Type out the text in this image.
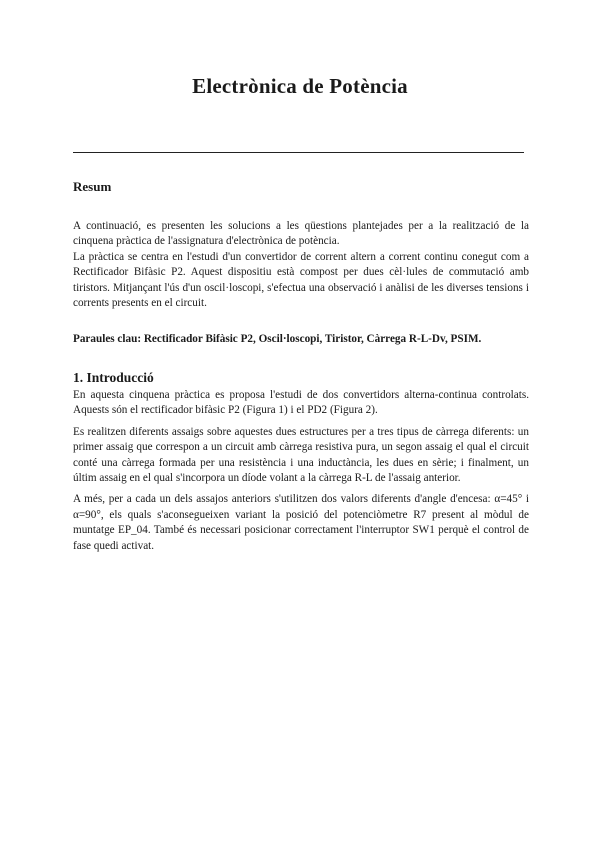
Electrònica de Potència
Resum

A continuació, es presenten les solucions a les qüestions plantejades per a la realització de la cinquena pràctica de l'assignatura d'electrònica de potència.

La pràctica se centra en l'estudi d'un convertidor de corrent altern a corrent continu conegut com a Rectificador Bifàsic P2. Aquest dispositiu està compost per dues cèl·lules de commutació amb tiristors. Mitjançant l'ús d'un oscil·loscopi, s'efectua una observació i anàlisi de les diverses tensions i corrents presents en el circuit.

Paraules clau: Rectificador Bifàsic P2, Oscil·loscopi, Tiristor, Càrrega R-L-Dv, PSIM.
1. Introducció

En aquesta cinquena pràctica es proposa l'estudi de dos convertidors alterna-continua controlats. Aquests són el rectificador bifàsic P2 (Figura 1) i el PD2 (Figura 2).

Es realitzen diferents assaigs sobre aquestes dues estructures per a tres tipus de càrrega diferents: un primer assaig que correspon a un circuit amb càrrega resistiva pura, un segon assaig el qual el circuit conté una càrrega formada per una resistència i una inductància, les dues en sèrie; i finalment, un últim assaig en el qual s'incorpora un díode volant a la càrrega R-L de l'assaig anterior.

A més, per a cada un dels assajos anteriors s'utilitzen dos valors diferents d'angle d'encesa: α=45° i α=90°, els quals s'aconsegueixen variant la posició del potenciòmetre R7 present al mòdul de muntatge EP_04. També és necessari posicionar correctament l'interruptor SW1 perquè el control de fase quedi activat.
